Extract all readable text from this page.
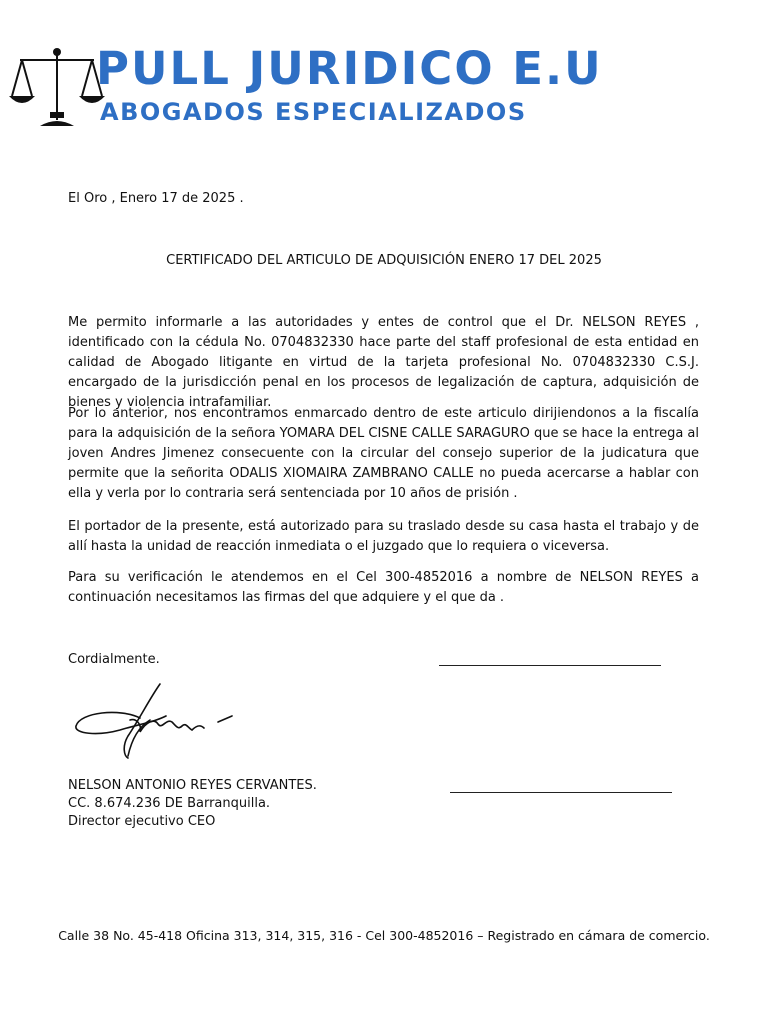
PULL JURIDICO E.U
ABOGADOS ESPECIALIZADOS
El Oro , Enero 17 de 2025 .
CERTIFICADO DEL ARTICULO DE ADQUISICIÓN ENERO 17 DEL 2025
Me permito informarle a las autoridades y entes de control que el Dr. NELSON REYES , identificado con la cédula No. 0704832330 hace parte del staff profesional de esta entidad en calidad de Abogado litigante en virtud de la tarjeta profesional No. 0704832330 C.S.J. encargado de la jurisdicción penal en los procesos de legalización de captura, adquisición de bienes y violencia intrafamiliar.
Por lo anterior, nos encontramos enmarcado dentro de este articulo dirijiendonos a la fiscalía para la adquisición de la señora YOMARA DEL CISNE CALLE SARAGURO que se hace la entrega al joven Andres Jimenez consecuente con la circular del consejo superior de la judicatura que permite que la señorita ODALIS XIOMAIRA ZAMBRANO CALLE no pueda acercarse a hablar con ella y verla por lo contraria será sentenciada por 10 años de prisión .
El portador de la presente, está autorizado para su traslado desde su casa hasta el trabajo y de allí hasta la unidad de reacción inmediata o el juzgado que lo requiera o viceversa.
Para su verificación le atendemos en el Cel 300-4852016 a nombre de NELSON REYES a continuación necesitamos las firmas del que adquiere y el que da .
Cordialmente.
NELSON ANTONIO REYES CERVANTES.
CC. 8.674.236 DE Barranquilla.
Director ejecutivo CEO
Calle 38 No. 45-418 Oficina 313, 314, 315, 316 - Cel 300-4852016 – Registrado en cámara de comercio.
